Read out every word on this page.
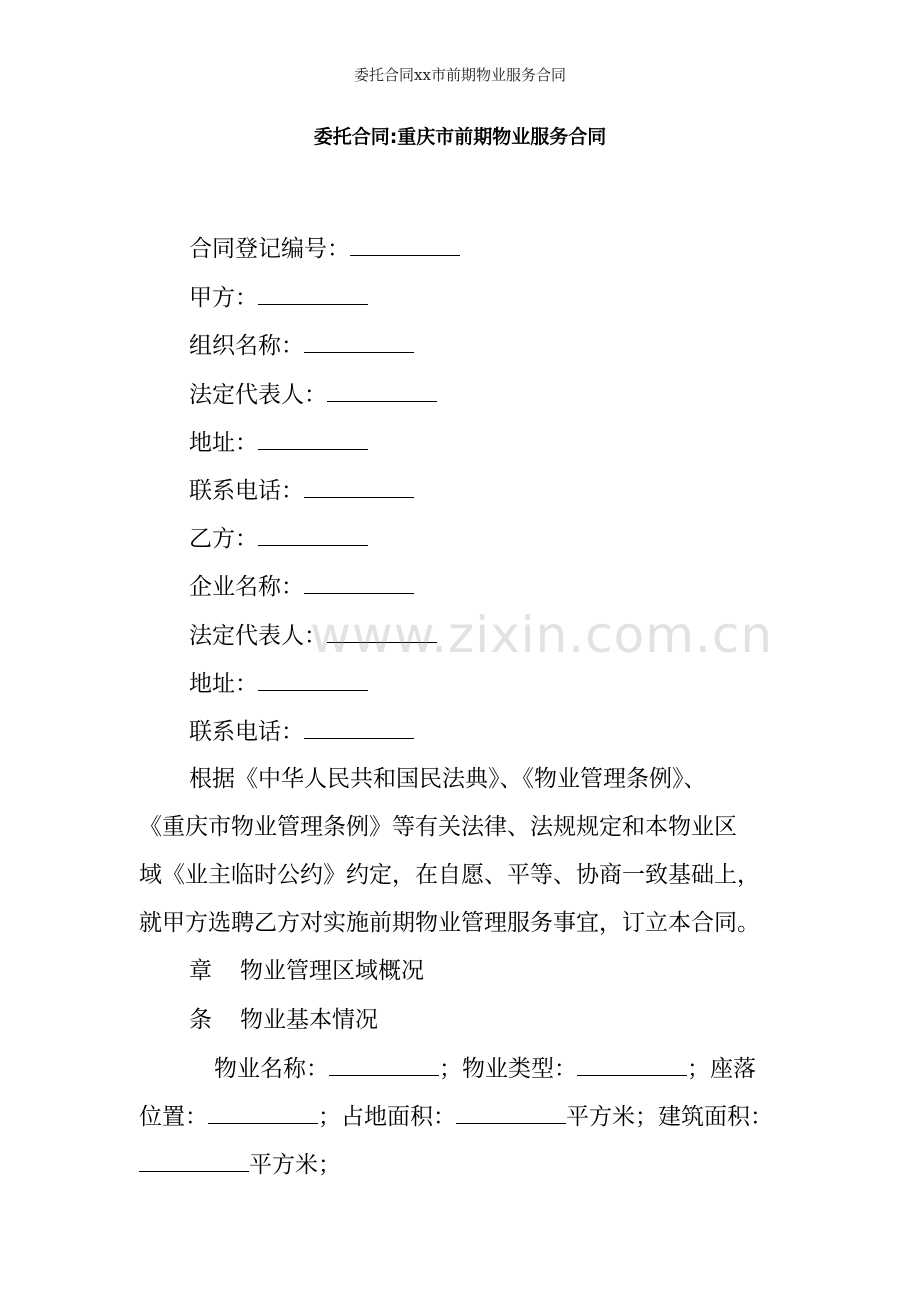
委托合同xx市前期物业服务合同
委托合同:重庆市前期物业服务合同
合同登记编号：
甲方：
组织名称：
法定代表人：
地址：
联系电话：
乙方：
企业名称：
法定代表人：
地址：
联系电话：

根据《中华人民共和国民法典》、《物业管理条例》、

《重庆市物业管理条例》等有关法律、法规规定和本物业区

域《业主临时公约》约定，在自愿、平等、协商一致基础上，

就甲方选聘乙方对实施前期物业管理服务事宜，订立本合同。

章 物业管理区域概况
条 物业基本情况

物业名称：	；物业类型：	；座落

位置：	；占地面积：	平方米；建筑面积：

平方米；

www.zixin.com.cn
